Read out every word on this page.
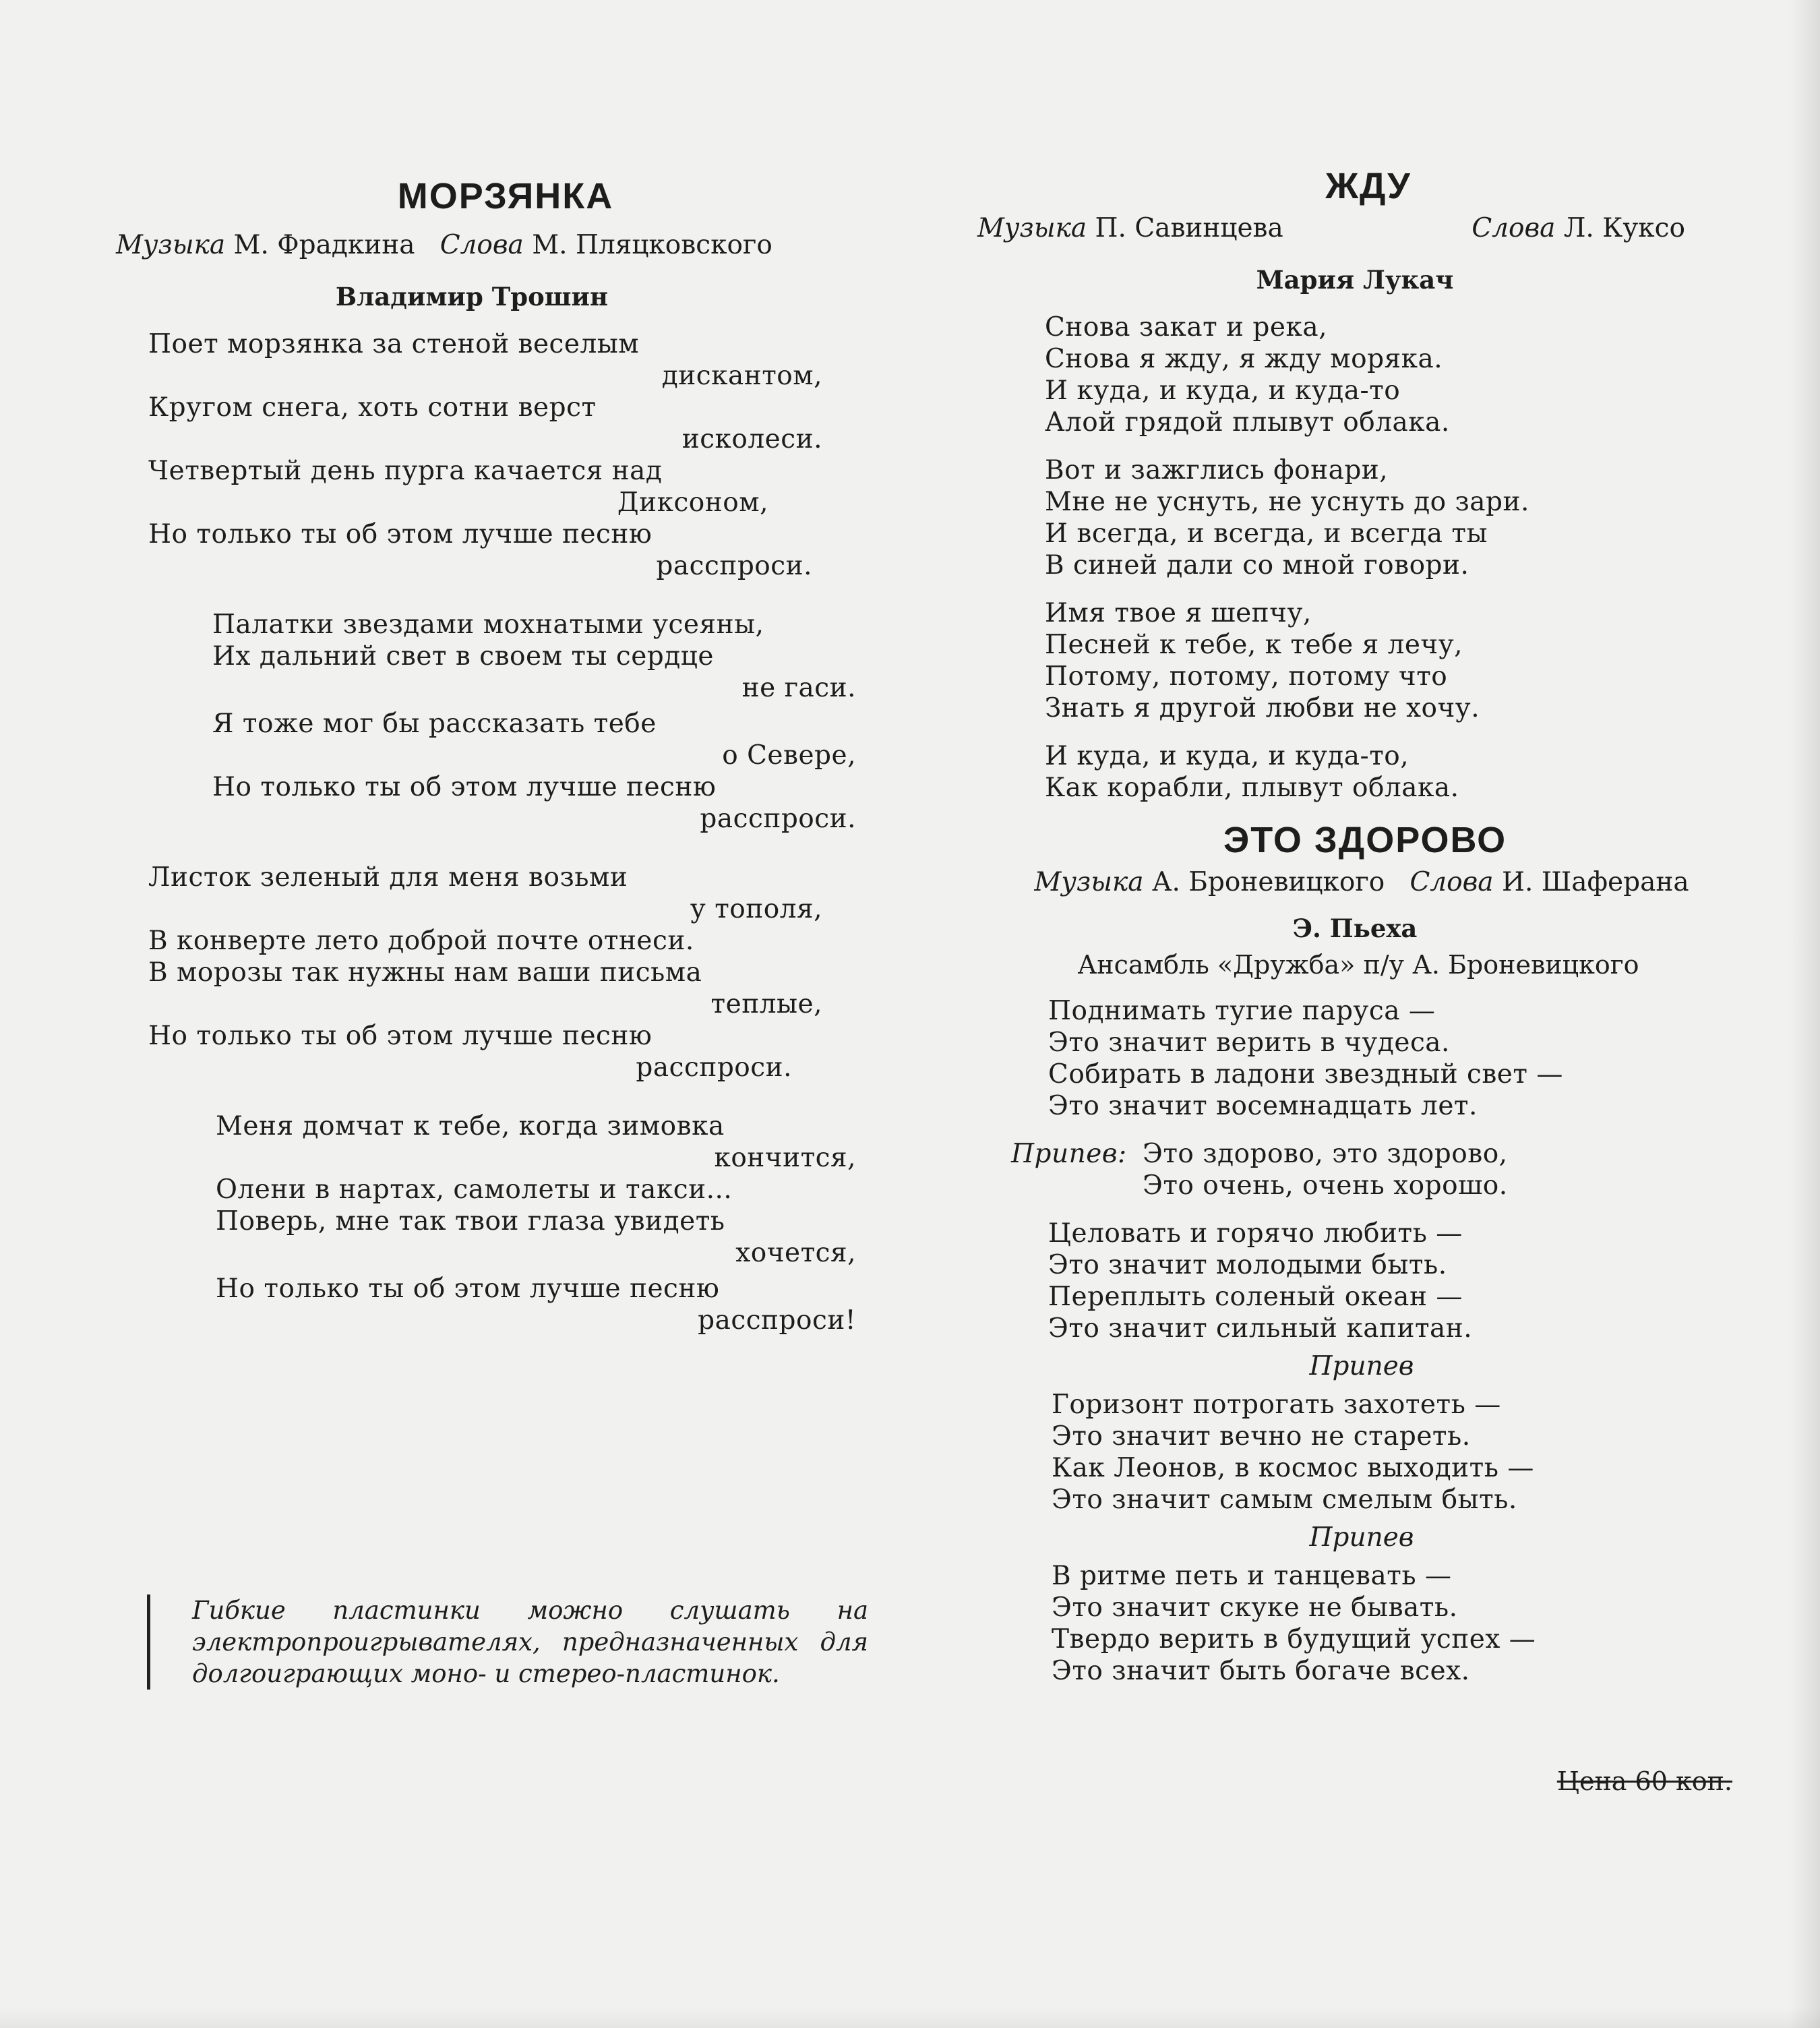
МОРЗЯНКА
Музыка М. Фрадкина Слова М. Пляцковского
Владимир Трошин
Поет морзянка за стеной веселым
дискантом,
Кругом снега, хоть сотни верст
исколеси.
Четвертый день пурга качается над
Диксоном,
Но только ты об этом лучше песню
расспроси.
Палатки звездами мохнатыми усеяны,
Их дальний свет в своем ты сердце
не гаси.
Я тоже мог бы рассказать тебе
о Севере,
Но только ты об этом лучше песню
расспроси.
Листок зеленый для меня возьми
у тополя,
В конверте лето доброй почте отнеси.
В морозы так нужны нам ваши письма
теплые,
Но только ты об этом лучше песню
расспроси.
Меня домчат к тебе, когда зимовка
кончится,
Олени в нартах, самолеты и такси...
Поверь, мне так твои глаза увидеть
хочется,
Но только ты об этом лучше песню
расспроси!
Гибкие пластинки можно слушать на электропроигрывателях, предназначенных для долгоиграющих моно- и стерео-пластинок.
ЖДУ
Музыка П. Савинцева	Слова Л. Куксо
Мария Лукач
Снова закат и река,
Снова я жду, я жду моряка.
И куда, и куда, и куда-то
Алой грядой плывут облака.
Вот и зажглись фонари,
Мне не уснуть, не уснуть до зари.
И всегда, и всегда, и всегда ты
В синей дали со мной говори.
Имя твое я шепчу,
Песней к тебе, к тебе я лечу,
Потому, потому, потому что
Знать я другой любви не хочу.
И куда, и куда, и куда-то,
Как корабли, плывут облака.
ЭТО ЗДОРОВО
Музыка А. Броневицкого Слова И. Шаферана
Э. Пьеха
Ансамбль «Дружба» п/у А. Броневицкого
Поднимать тугие паруса —
Это значит верить в чудеса.
Собирать в ладони звездный свет —
Это значит восемнадцать лет.
Припев: Это здорово, это здорово,
Это очень, очень хорошо.
Целовать и горячо любить —
Это значит молодыми быть.
Переплыть соленый океан —
Это значит сильный капитан.
Припев
Горизонт потрогать захотеть —
Это значит вечно не стареть.
Как Леонов, в космос выходить —
Это значит самым смелым быть.
Припев
В ритме петь и танцевать —
Это значит скуке не бывать.
Твердо верить в будущий успех —
Это значит быть богаче всех.
Цена 60 коп.
